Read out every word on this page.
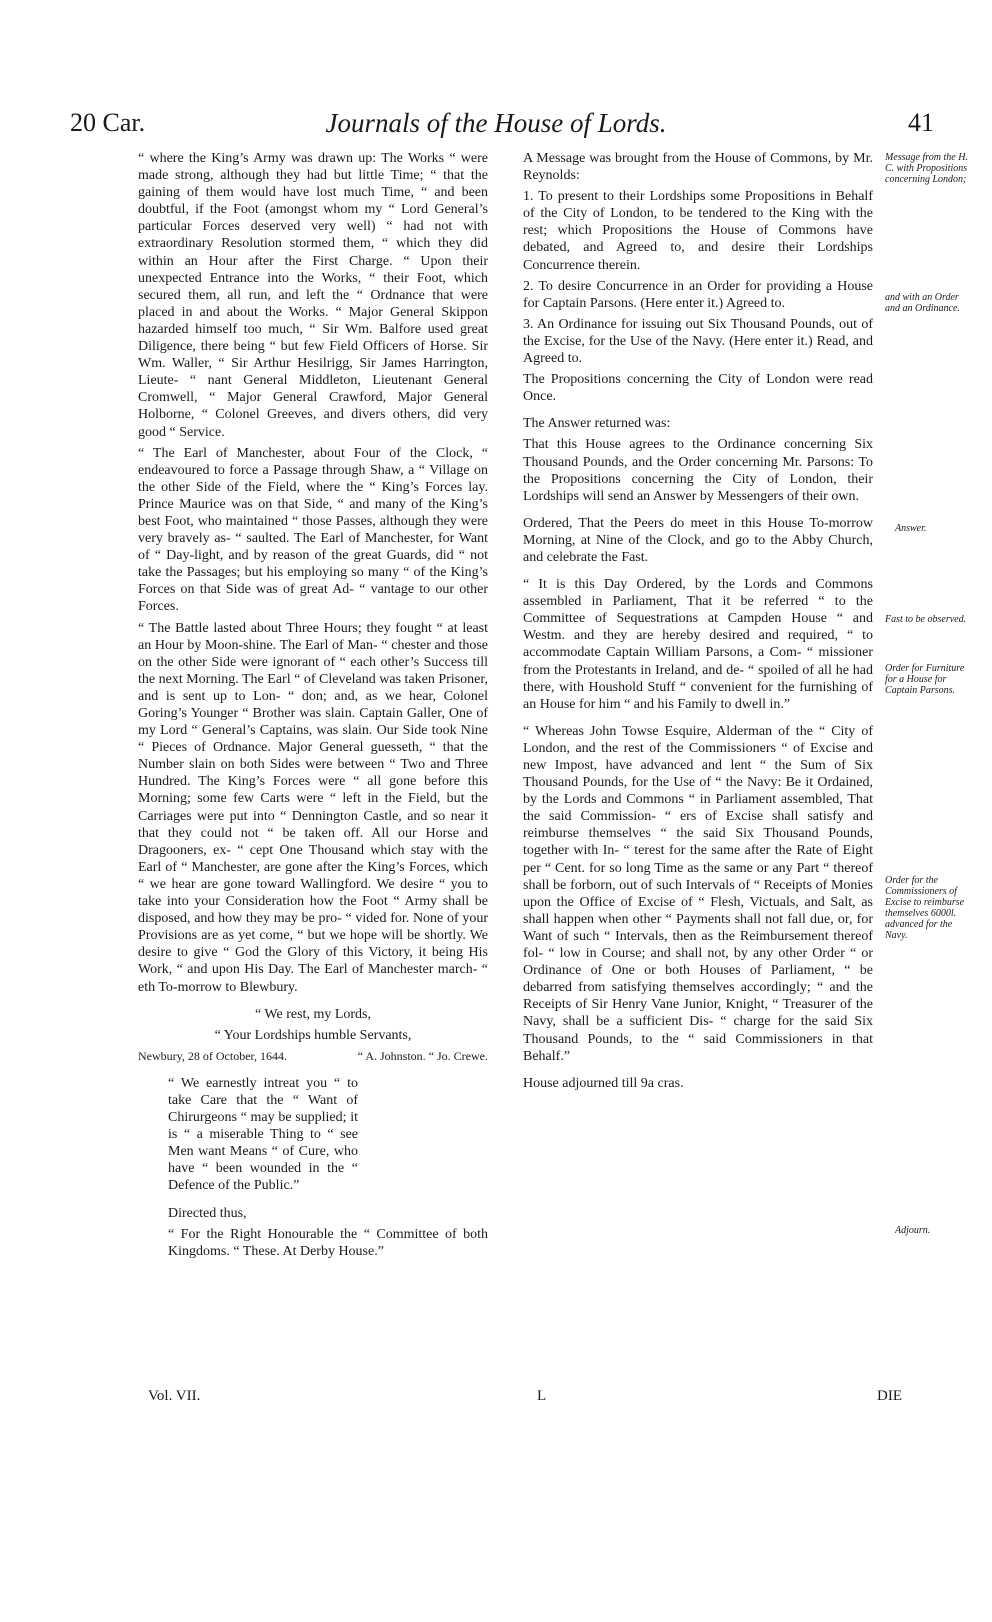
20 Car.	Journals of the House of Lords.	41

“ where the King’s Army was drawn up: The Works “ were made strong, although they had but little Time; “ that the gaining of them would have lost much Time, “ and been doubtful, if the Foot (amongst whom my “ Lord General’s particular Forces deserved very well) “ had not with extraordinary Resolution stormed them, “ which they did within an Hour after the First Charge. “ Upon their unexpected Entrance into the Works, “ their Foot, which secured them, all run, and left the “ Ordnance that were placed in and about the Works. “ Major General Skippon hazarded himself too much, “ Sir Wm. Balfore used great Diligence, there being “ but few Field Officers of Horse. Sir Wm. Waller, “ Sir Arthur Hesilrigg, Sir James Harrington, Lieute- “ nant General Middleton, Lieutenant General Cromwell, “ Major General Crawford, Major General Holborne, “ Colonel Greeves, and divers others, did very good “ Service.

“ The Earl of Manchester, about Four of the Clock, “ endeavoured to force a Passage through Shaw, a “ Village on the other Side of the Field, where the “ King’s Forces lay. Prince Maurice was on that Side, “ and many of the King’s best Foot, who maintained “ those Passes, although they were very bravely as- “ saulted. The Earl of Manchester, for Want of “ Day-light, and by reason of the great Guards, did “ not take the Passages; but his employing so many “ of the King’s Forces on that Side was of great Ad- “ vantage to our other Forces.

“ The Battle lasted about Three Hours; they fought “ at least an Hour by Moon-shine. The Earl of Man- “ chester and those on the other Side were ignorant of “ each other’s Success till the next Morning. The Earl “ of Cleveland was taken Prisoner, and is sent up to Lon- “ don; and, as we hear, Colonel Goring’s Younger “ Brother was slain. Captain Galler, One of my Lord “ General’s Captains, was slain. Our Side took Nine “ Pieces of Ordnance. Major General guesseth, “ that the Number slain on both Sides were between “ Two and Three Hundred. The King’s Forces were “ all gone before this Morning; some few Carts were “ left in the Field, but the Carriages were put into “ Dennington Castle, and so near it that they could not “ be taken off. All our Horse and Dragooners, ex- “ cept One Thousand which stay with the Earl of “ Manchester, are gone after the King’s Forces, which “ we hear are gone toward Wallingford. We desire “ you to take into your Consideration how the Foot “ Army shall be disposed, and how they may be pro- “ vided for. None of your Provisions are as yet come, “ but we hope will be shortly. We desire to give “ God the Glory of this Victory, it being His Work, “ and upon His Day. The Earl of Manchester march- “ eth To-morrow to Blewbury.

“ We rest, my Lords,

“ Your Lordships humble Servants,

Newbury, 28 of October, 1644.	“ A. Johnston. “ Jo. Crewe.

“ We earnestly intreat you “ to take Care that the “ Want of Chirurgeons “ may be supplied; it is “ a miserable Thing to “ see Men want Means “ of Cure, who have “ been wounded in the “ Defence of the Public.”

Directed thus,

“ For the Right Honourable the “ Committee of both Kingdoms. “ These. At Derby House.”

A Message was brought from the House of Commons, by Mr. Reynolds:

1. To present to their Lordships some Propositions in Behalf of the City of London, to be tendered to the King with the rest; which Propositions the House of Commons have debated, and Agreed to, and desire their Lordships Concurrence therein.

2. To desire Concurrence in an Order for providing a House for Captain Parsons. (Here enter it.) Agreed to.

3. An Ordinance for issuing out Six Thousand Pounds, out of the Excise, for the Use of the Navy. (Here enter it.) Read, and Agreed to.

The Propositions concerning the City of London were read Once.

The Answer returned was:

That this House agrees to the Ordinance concerning Six Thousand Pounds, and the Order concerning Mr. Parsons: To the Propositions concerning the City of London, their Lordships will send an Answer by Messengers of their own.

Ordered, That the Peers do meet in this House To-morrow Morning, at Nine of the Clock, and go to the Abby Church, and celebrate the Fast.

“ It is this Day Ordered, by the Lords and Commons assembled in Parliament, That it be referred “ to the Committee of Sequestrations at Campden House “ and Westm. and they are hereby desired and required, “ to accommodate Captain William Parsons, a Com- “ missioner from the Protestants in Ireland, and de- “ spoiled of all he had there, with Houshold Stuff “ convenient for the furnishing of an House for him “ and his Family to dwell in.”

“ Whereas John Towse Esquire, Alderman of the “ City of London, and the rest of the Commissioners “ of Excise and new Impost, have advanced and lent “ the Sum of Six Thousand Pounds, for the Use of “ the Navy: Be it Ordained, by the Lords and Commons “ in Parliament assembled, That the said Commission- “ ers of Excise shall satisfy and reimburse themselves “ the said Six Thousand Pounds, together with In- “ terest for the same after the Rate of Eight per “ Cent. for so long Time as the same or any Part “ thereof shall be forborn, out of such Intervals of “ Receipts of Monies upon the Office of Excise of “ Flesh, Victuals, and Salt, as shall happen when other “ Payments shall not fall due, or, for Want of such “ Intervals, then as the Reimbursement thereof fol- “ low in Course; and shall not, by any other Order “ or Ordinance of One or both Houses of Parliament, “ be debarred from satisfying themselves accordingly; “ and the Receipts of Sir Henry Vane Junior, Knight, “ Treasurer of the Navy, shall be a sufficient Dis- “ charge for the said Six Thousand Pounds, to the “ said Commissioners in that Behalf.”

House adjourned till 9a cras.

Message from the H. C. with Propositions concerning London;
and with an Order and an Ordinance.
Answer.
Fast to be observed.
Order for Furniture for a House for Captain Parsons.
Order for the Commissioners of Excise to reimburse themselves 6000l. advanced for the Navy.
Adjourn.
Vol. VII.	L	DIE
